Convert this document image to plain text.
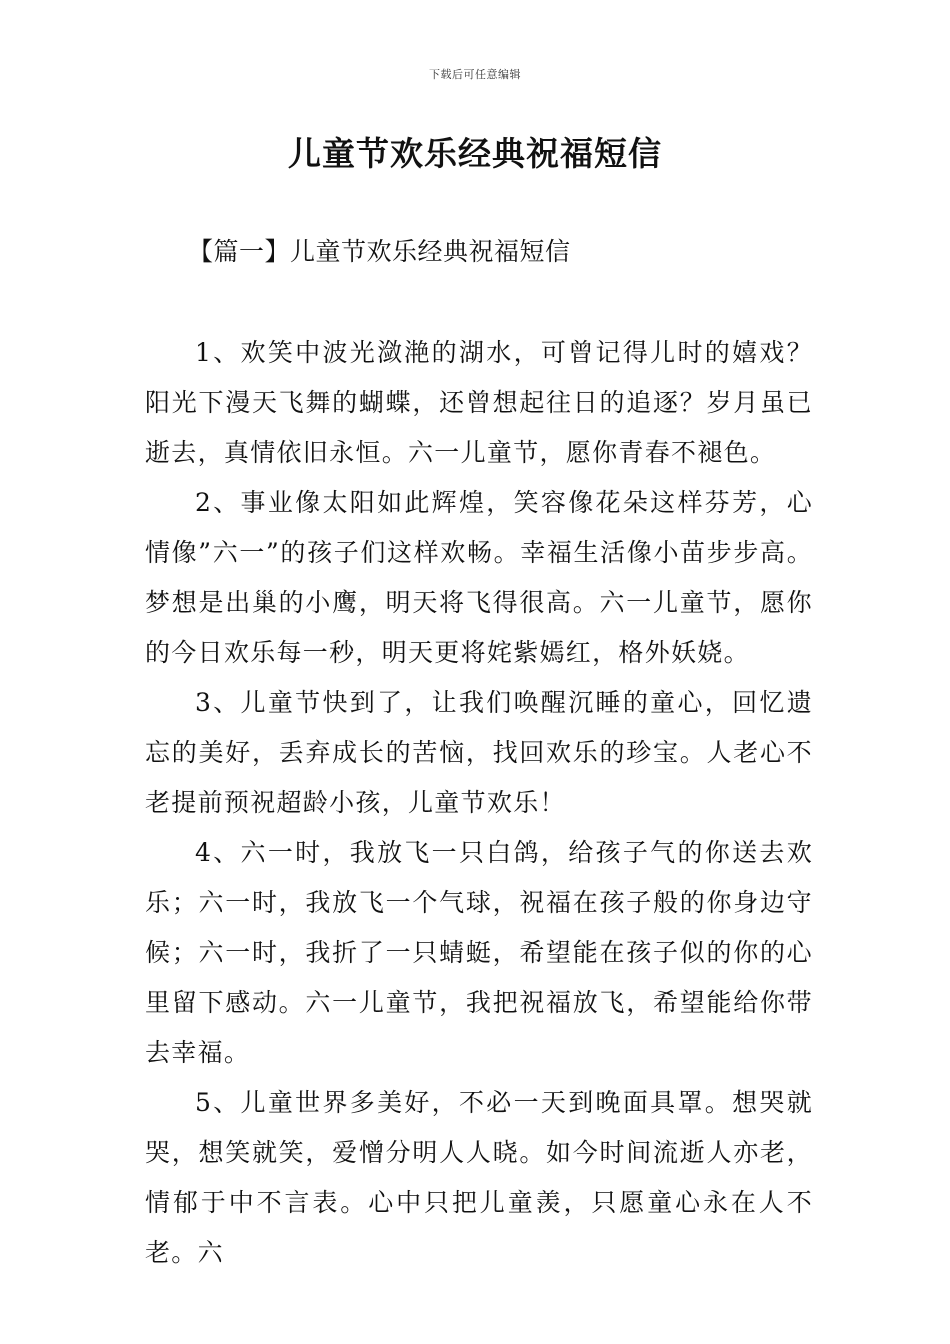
下载后可任意编辑
儿童节欢乐经典祝福短信
【篇一】儿童节欢乐经典祝福短信

1、欢笑中波光潋滟的湖水，可曾记得儿时的嬉戏？阳光下漫天飞舞的蝴蝶，还曾想起往日的追逐？岁月虽已逝去，真情依旧永恒。六一儿童节，愿你青春不褪色。

2、事业像太阳如此辉煌，笑容像花朵这样芬芳，心情像”六一”的孩子们这样欢畅。幸福生活像小苗步步高。梦想是出巢的小鹰，明天将飞得很高。六一儿童节，愿你的今日欢乐每一秒，明天更将姹紫嫣红，格外妖娆。

3、儿童节快到了，让我们唤醒沉睡的童心，回忆遗忘的美好，丢弃成长的苦恼，找回欢乐的珍宝。人老心不老提前预祝超龄小孩，儿童节欢乐！

4、六一时，我放飞一只白鸽，给孩子气的你送去欢乐；六一时，我放飞一个气球，祝福在孩子般的你身边守候；六一时，我折了一只蜻蜓，希望能在孩子似的你的心里留下感动。六一儿童节，我把祝福放飞，希望能给你带去幸福。

5、儿童世界多美好，不必一天到晚面具罩。想哭就哭，想笑就笑，爱憎分明人人晓。如今时间流逝人亦老，情郁于中不言表。心中只把儿童羡，只愿童心永在人不老。六
